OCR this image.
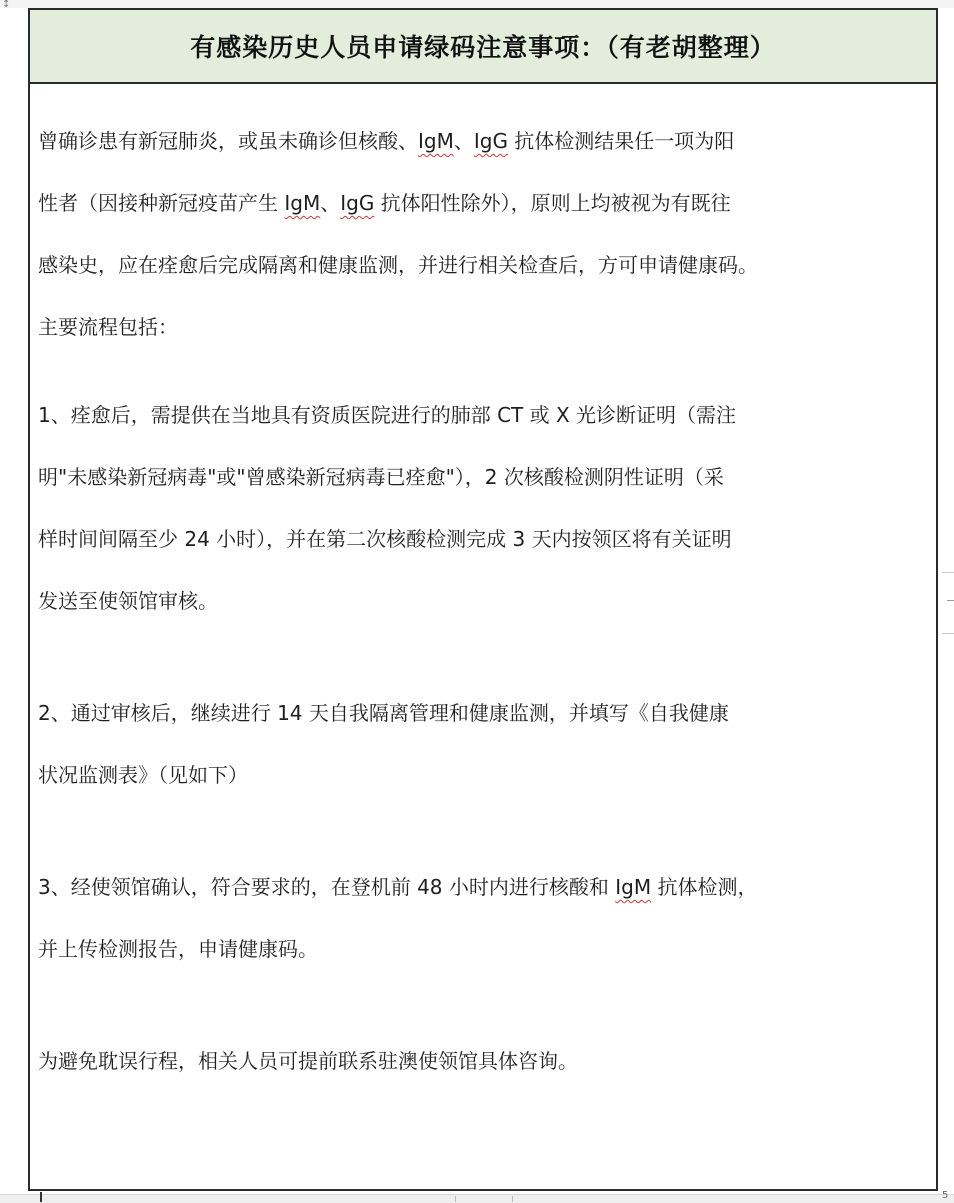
↕
有感染历史人员申请绿码注意事项：（有老胡整理）
曾确诊患有新冠肺炎，或虽未确诊但核酸、IgM、IgG 抗体检测结果任一项为阳
性者（因接种新冠疫苗产生 IgM、IgG 抗体阳性除外），原则上均被视为有既往
感染史，应在痊愈后完成隔离和健康监测，并进行相关检查后，方可申请健康码。
主要流程包括：
1、痊愈后，需提供在当地具有资质医院进行的肺部 CT 或 X 光诊断证明（需注
明"未感染新冠病毒"或"曾感染新冠病毒已痊愈"），2 次核酸检测阴性证明（采
样时间间隔至少 24 小时），并在第二次核酸检测完成 3 天内按领区将有关证明
发送至使领馆审核。
2、通过审核后，继续进行 14 天自我隔离管理和健康监测，并填写《自我健康
状况监测表》（见如下）
3、经使领馆确认，符合要求的，在登机前 48 小时内进行核酸和 IgM 抗体检测，
并上传检测报告，申请健康码。
为避免耽误行程，相关人员可提前联系驻澳使领馆具体咨询。
5
